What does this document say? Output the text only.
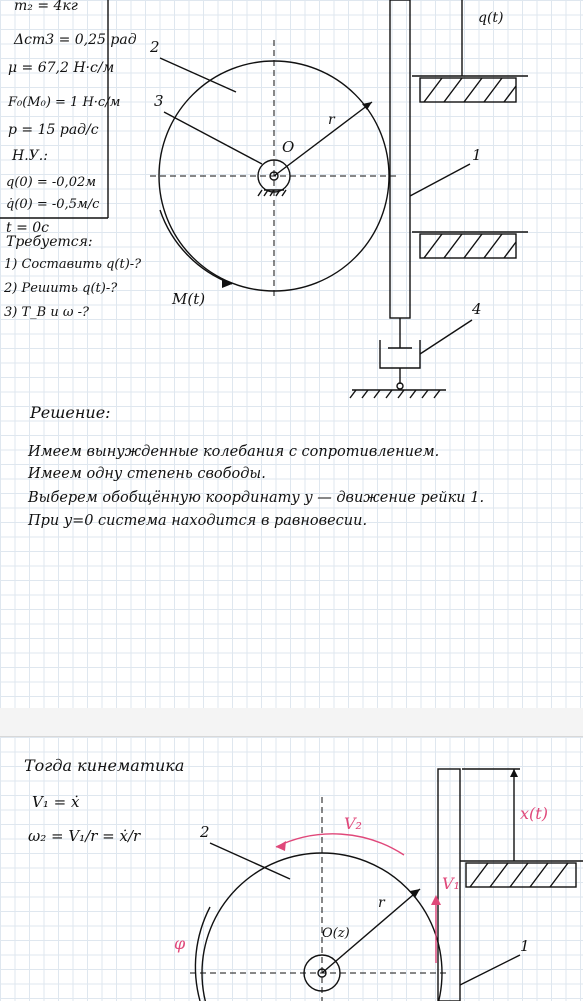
m₂ = 4кг
Δст3 = 0,25 рад
μ = 67,2 Н·с/м
F₀(M₀) = 1 Н·с/м
p = 15 рад/с
Н.У.:
q(0) = -0,02м
q̇(0) = -0,5м/с
t = 0с
Требуется:
1) Составить q(t)-?
2) Решить q(t)-?
3) Т_В и ω -?
r
O
2
3
M(t)
1
q(t)
4
Решение:
Имеем вынужденные колебания с сопротивлением.
Имеем одну степень свободы.
Выберем обобщённую координату y — движение рейки 1.
При y=0 система находится в равновесии.
Тогда кинематика
V₁ = ẋ
ω₂ = V₁/r = ẋ/r
O(z)
r
2	V₂
φ
V₁
1
x(t)
